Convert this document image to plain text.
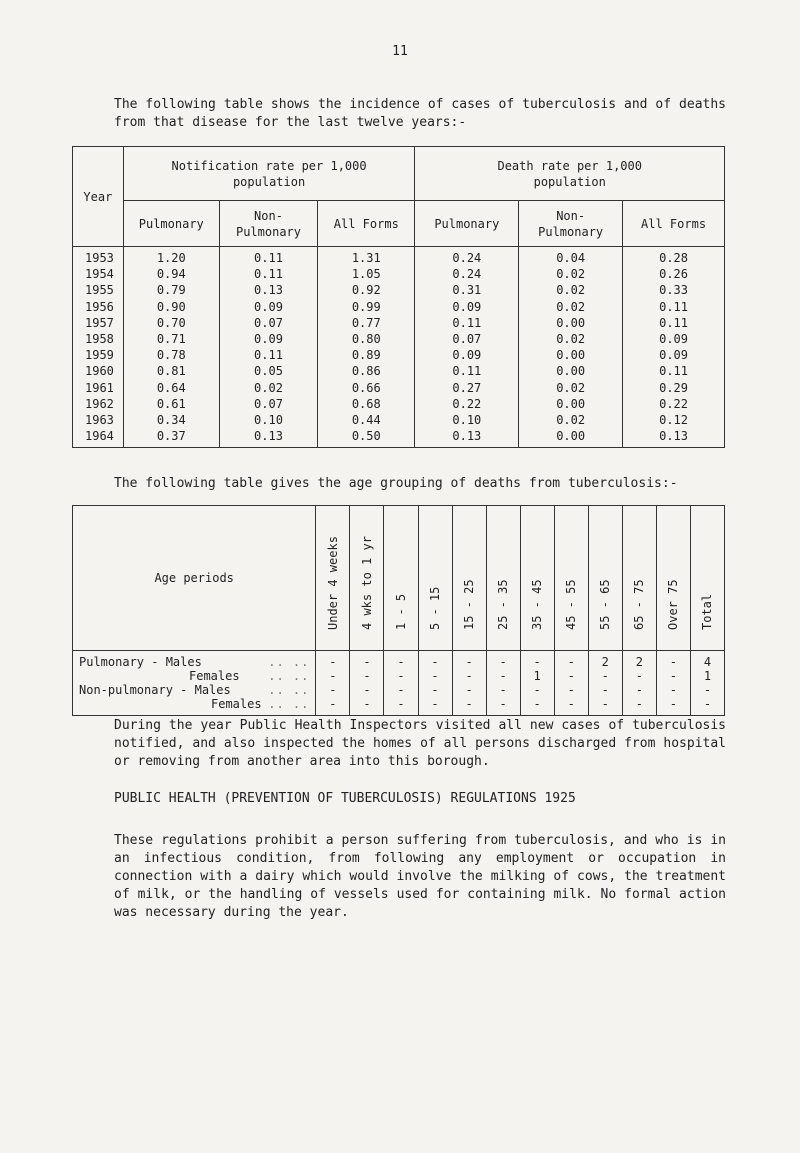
11
The following table shows the incidence of cases of tuberculosis and of deaths from that disease for the last twelve years:-
Year	Notification rate per 1,000 population			Death rate per 1,000 population		

	Pulmonary	Non- Pulmonary	All Forms	Pulmonary	Non- Pulmonary	All Forms
1953	1.20	0.11	1.31	0.24	0.04	0.28
1954	0.94	0.11	1.05	0.24	0.02	0.26
1955	0.79	0.13	0.92	0.31	0.02	0.33
1956	0.90	0.09	0.99	0.09	0.02	0.11
1957	0.70	0.07	0.77	0.11	0.00	0.11
1958	0.71	0.09	0.80	0.07	0.02	0.09
1959	0.78	0.11	0.89	0.09	0.00	0.09
1960	0.81	0.05	0.86	0.11	0.00	0.11
1961	0.64	0.02	0.66	0.27	0.02	0.29
1962	0.61	0.07	0.68	0.22	0.00	0.22
1963	0.34	0.10	0.44	0.10	0.02	0.12
1964	0.37	0.13	0.50	0.13	0.00	0.13
The following table gives the age grouping of deaths from tuberculosis:-
Age periods	Under 4 weeks	4 wks to 1 yr	1 - 5	5 - 15	15 - 25	25 - 35	35 - 45	45 - 55	55 - 65	65 - 75	Over 75	Total

Pulmonary - Males .. ..	-	-	-	-	-	-	-	-	2	2	-	4

Females .. ..	-	-	-	-	-	-	1	-	-	-	-	1

Non-pulmonary - Males .. ..	-	-	-	-	-	-	-	-	-	-	-	-

Females .. ..	-	-	-	-	-	-	-	-	-	-	-	-
During the year Public Health Inspectors visited all new cases of tuberculosis notified, and also inspected the homes of all persons discharged from hospital or removing from another area into this borough.
PUBLIC HEALTH (PREVENTION OF TUBERCULOSIS) REGULATIONS 1925
These regulations prohibit a person suffering from tuberculosis, and who is in an infectious condition, from following any employment or occupation in connection with a dairy which would involve the milking of cows, the treatment of milk, or the handling of vessels used for containing milk. No formal action was necessary during the year.
